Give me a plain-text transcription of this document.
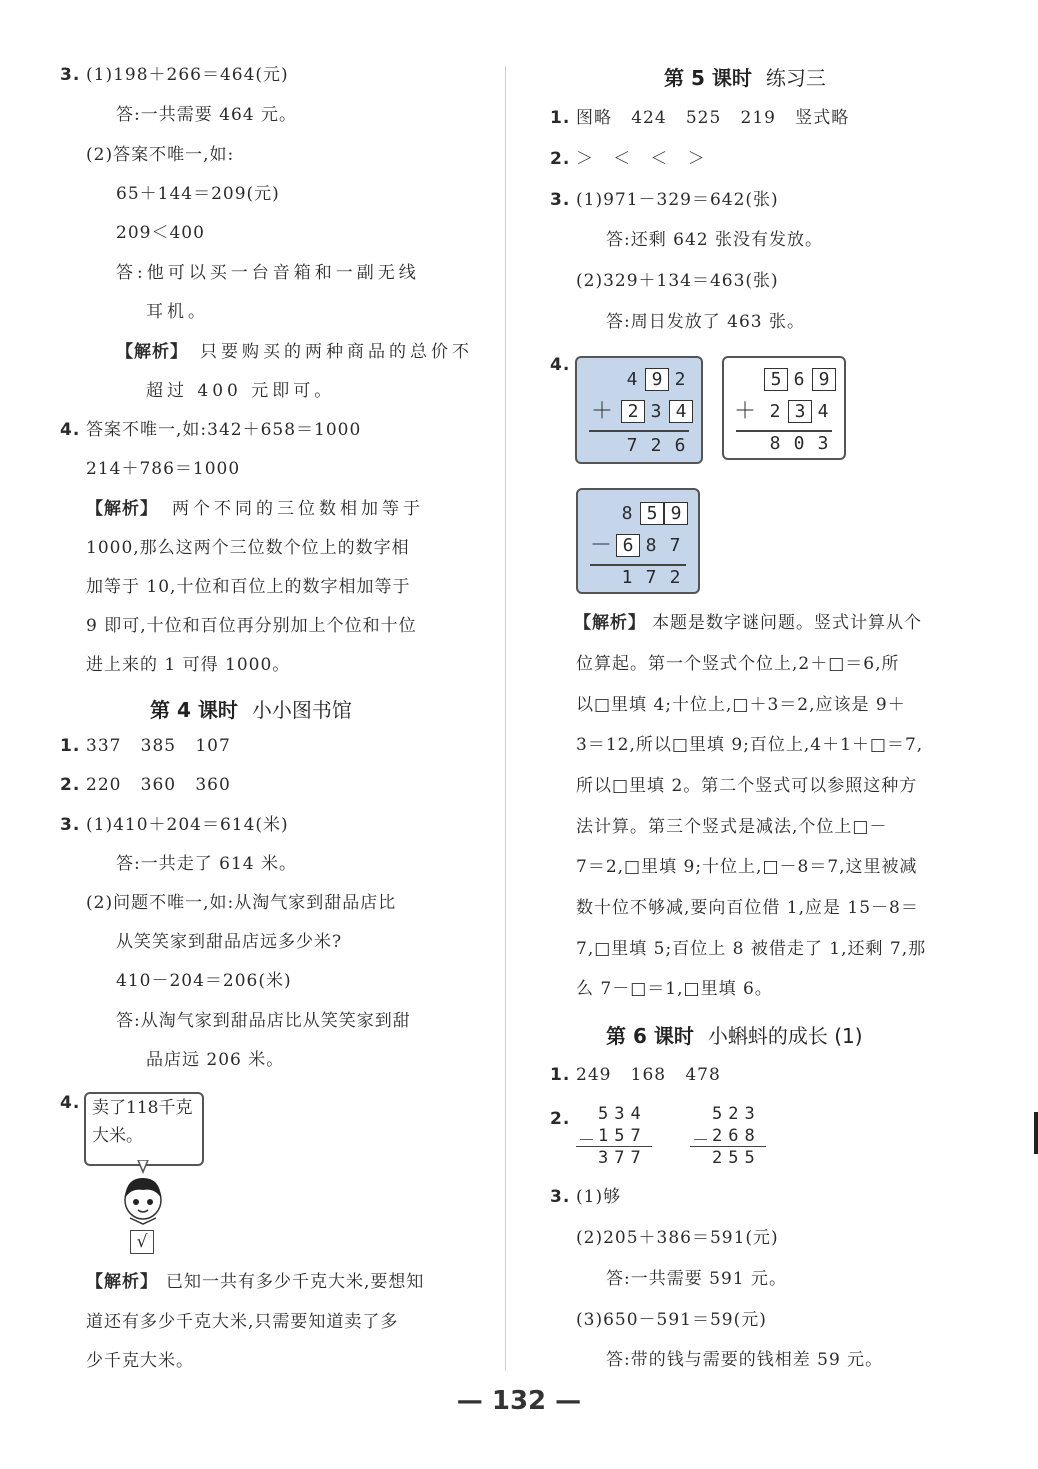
3. (1)198＋266＝464(元)
答:一共需要 464 元。
(2)答案不唯一,如:
65＋144＝209(元)
209＜400
答:他可以买一台音箱和一副无线
耳机。
【解析】 只要购买的两种商品的总价不
超过 400 元即可。
4. 答案不唯一,如:342＋658＝1000
214＋786＝1000
【解析】 两个不同的三位数相加等于
1000,那么这两个三位数个位上的数字相
加等于 10,十位和百位上的数字相加等于
9 即可,十位和百位再分别加上个位和十位
进上来的 1 可得 1000。
第 4 课时 小小图书馆
1. 337   385   107
2. 220   360   360
3. (1)410＋204＝614(米)
答:一共走了 614 米。
(2)问题不唯一,如:从淘气家到甜品店比
从笑笑家到甜品店远多少米?
410－204＝206(米)
答:从淘气家到甜品店比从笑笑家到甜
品店远 206 米。
4. 卖了118千克
大米。
√
【解析】 已知一共有多少千克大米,要想知
道还有多少千克大米,只需要知道卖了多
少千克大米。
第 5 课时 练习三
1. 图略   424   525   219   竖式略
2. ＞   ＜   ＜   ＞
3. (1)971－329＝642(张)
答:还剩 642 张没有发放。
(2)329＋134＝463(张)
答:周日发放了 463 张。
4.
4 9 2
＋ 2 3 4
7 2 6
5 6 9
＋ 2 3 4
8 0 3
8 5 9
－ 6 8 7
1 7 2
【解析】 本题是数字谜问题。竖式计算从个
位算起。第一个竖式个位上,2＋□＝6,所
以□里填 4;十位上,□＋3＝2,应该是 9＋
3＝12,所以□里填 9;百位上,4＋1＋□＝7,
所以□里填 2。第二个竖式可以参照这种方
法计算。第三个竖式是减法,个位上□－
7＝2,□里填 9;十位上,□－8＝7,这里被减
数十位不够减,要向百位借 1,应是 15－8＝
7,□里填 5;百位上 8 被借走了 1,还剩 7,那
么 7－□＝1,□里填 6。
第 6 课时 小蝌蚪的成长 (1)
1. 249   168   478
2. 534
－
157
377
523
－
268
255
3. (1)够
(2)205＋386＝591(元)
答:一共需要 591 元。
(3)650－591＝59(元)
答:带的钱与需要的钱相差 59 元。
— 132 —
